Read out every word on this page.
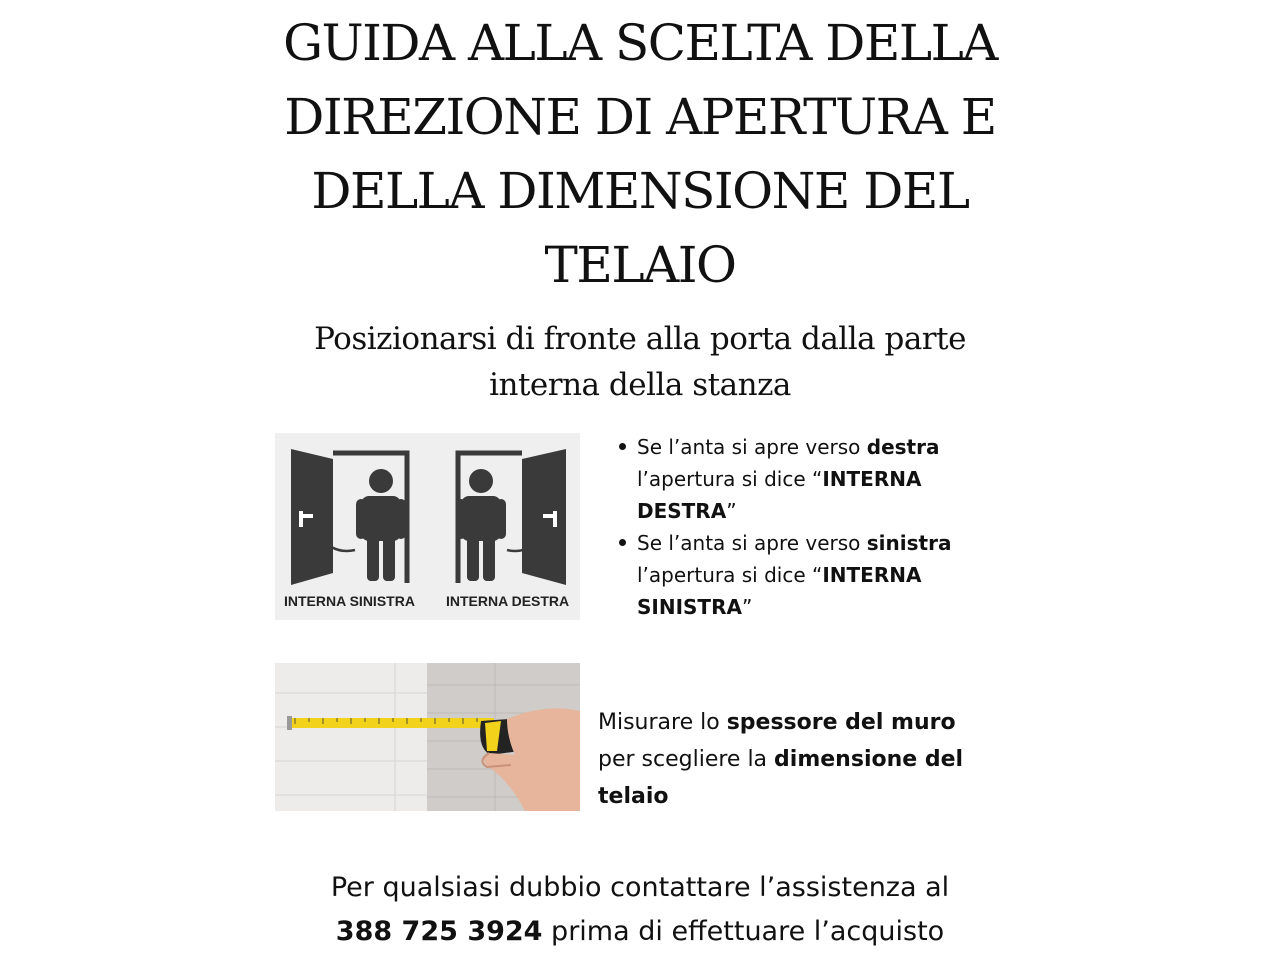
GUIDA ALLA SCELTA DELLA DIREZIONE DI APERTURA E DELLA DIMENSIONE DEL TELAIO

Posizionarsi di fronte alla porta dalla parte
interna della stanza

INTERNA SINISTRA INTERNA DESTRA
Se l’anta si apre verso destra l’apertura si dice “INTERNA DESTRA”
Se l’anta si apre verso sinistra l’apertura si dice “INTERNA SINISTRA”

Misurare lo spessore del muro per scegliere la dimensione del telaio

Per qualsiasi dubbio contattare l’assistenza al
388 725 3924 prima di effettuare l’acquisto
